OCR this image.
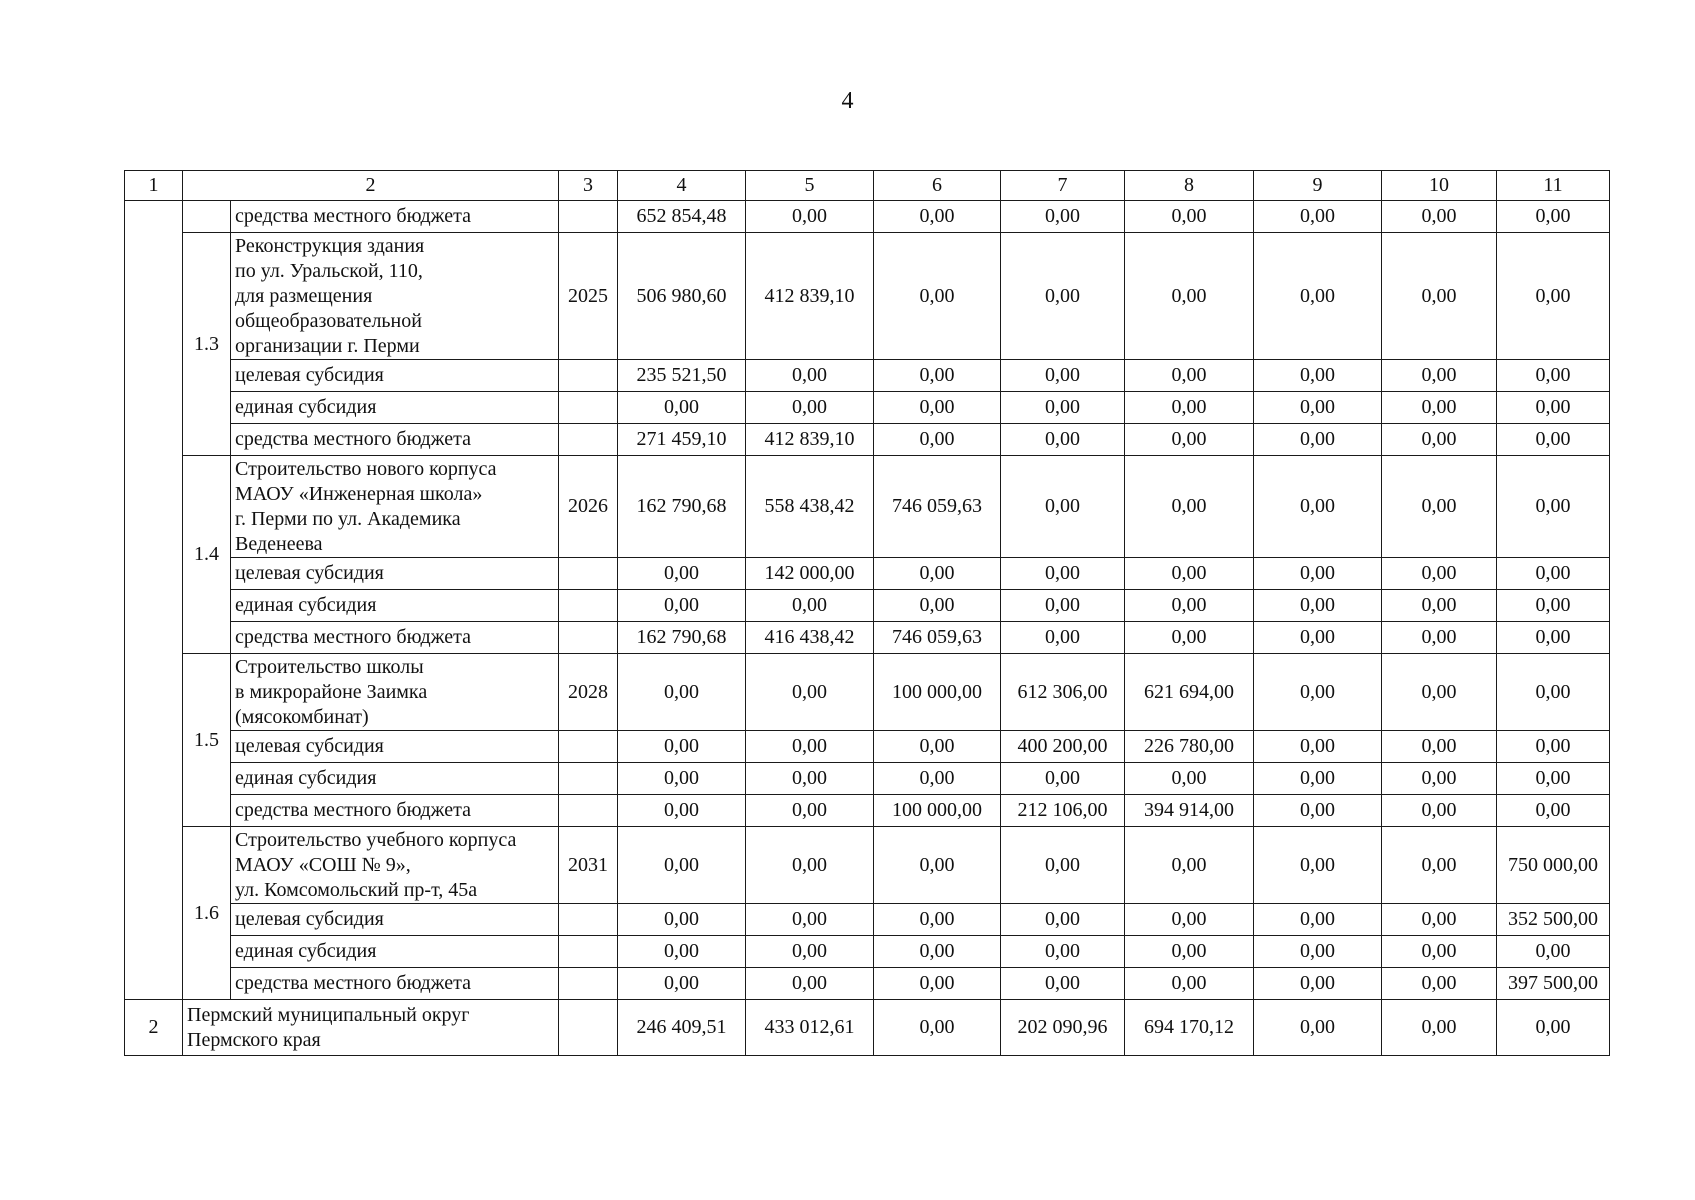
4
1	2		3	4	5	6	7	8	9	10	11
		средства местного бюджета		652 854,48	0,00	0,00	0,00	0,00	0,00	0,00	0,00
	1.3	Реконструкция здания
по ул. Уральской, 110,
для размещения
общеобразовательной
организации г. Перми	2025	506 980,60	412 839,10	0,00	0,00	0,00	0,00	0,00	0,00
		целевая субсидия		235 521,50	0,00	0,00	0,00	0,00	0,00	0,00	0,00
		единая субсидия		0,00	0,00	0,00	0,00	0,00	0,00	0,00	0,00
		средства местного бюджета		271 459,10	412 839,10	0,00	0,00	0,00	0,00	0,00	0,00
	1.4	Строительство нового корпуса
МАОУ «Инженерная школа»
г. Перми по ул. Академика
Веденеева	2026	162 790,68	558 438,42	746 059,63	0,00	0,00	0,00	0,00	0,00
		целевая субсидия		0,00	142 000,00	0,00	0,00	0,00	0,00	0,00	0,00
		единая субсидия		0,00	0,00	0,00	0,00	0,00	0,00	0,00	0,00
		средства местного бюджета		162 790,68	416 438,42	746 059,63	0,00	0,00	0,00	0,00	0,00
	1.5	Строительство школы
в микрорайоне Заимка
(мясокомбинат)	2028	0,00	0,00	100 000,00	612 306,00	621 694,00	0,00	0,00	0,00
		целевая субсидия		0,00	0,00	0,00	400 200,00	226 780,00	0,00	0,00	0,00
		единая субсидия		0,00	0,00	0,00	0,00	0,00	0,00	0,00	0,00
		средства местного бюджета		0,00	0,00	100 000,00	212 106,00	394 914,00	0,00	0,00	0,00
	1.6	Строительство учебного корпуса
МАОУ «СОШ № 9»,
ул. Комсомольский пр-т, 45а	2031	0,00	0,00	0,00	0,00	0,00	0,00	0,00	750 000,00
		целевая субсидия		0,00	0,00	0,00	0,00	0,00	0,00	0,00	352 500,00
		единая субсидия		0,00	0,00	0,00	0,00	0,00	0,00	0,00	0,00
		средства местного бюджета		0,00	0,00	0,00	0,00	0,00	0,00	0,00	397 500,00
2	Пермский муниципальный округ
Пермского края			246 409,51	433 012,61	0,00	202 090,96	694 170,12	0,00	0,00	0,00
